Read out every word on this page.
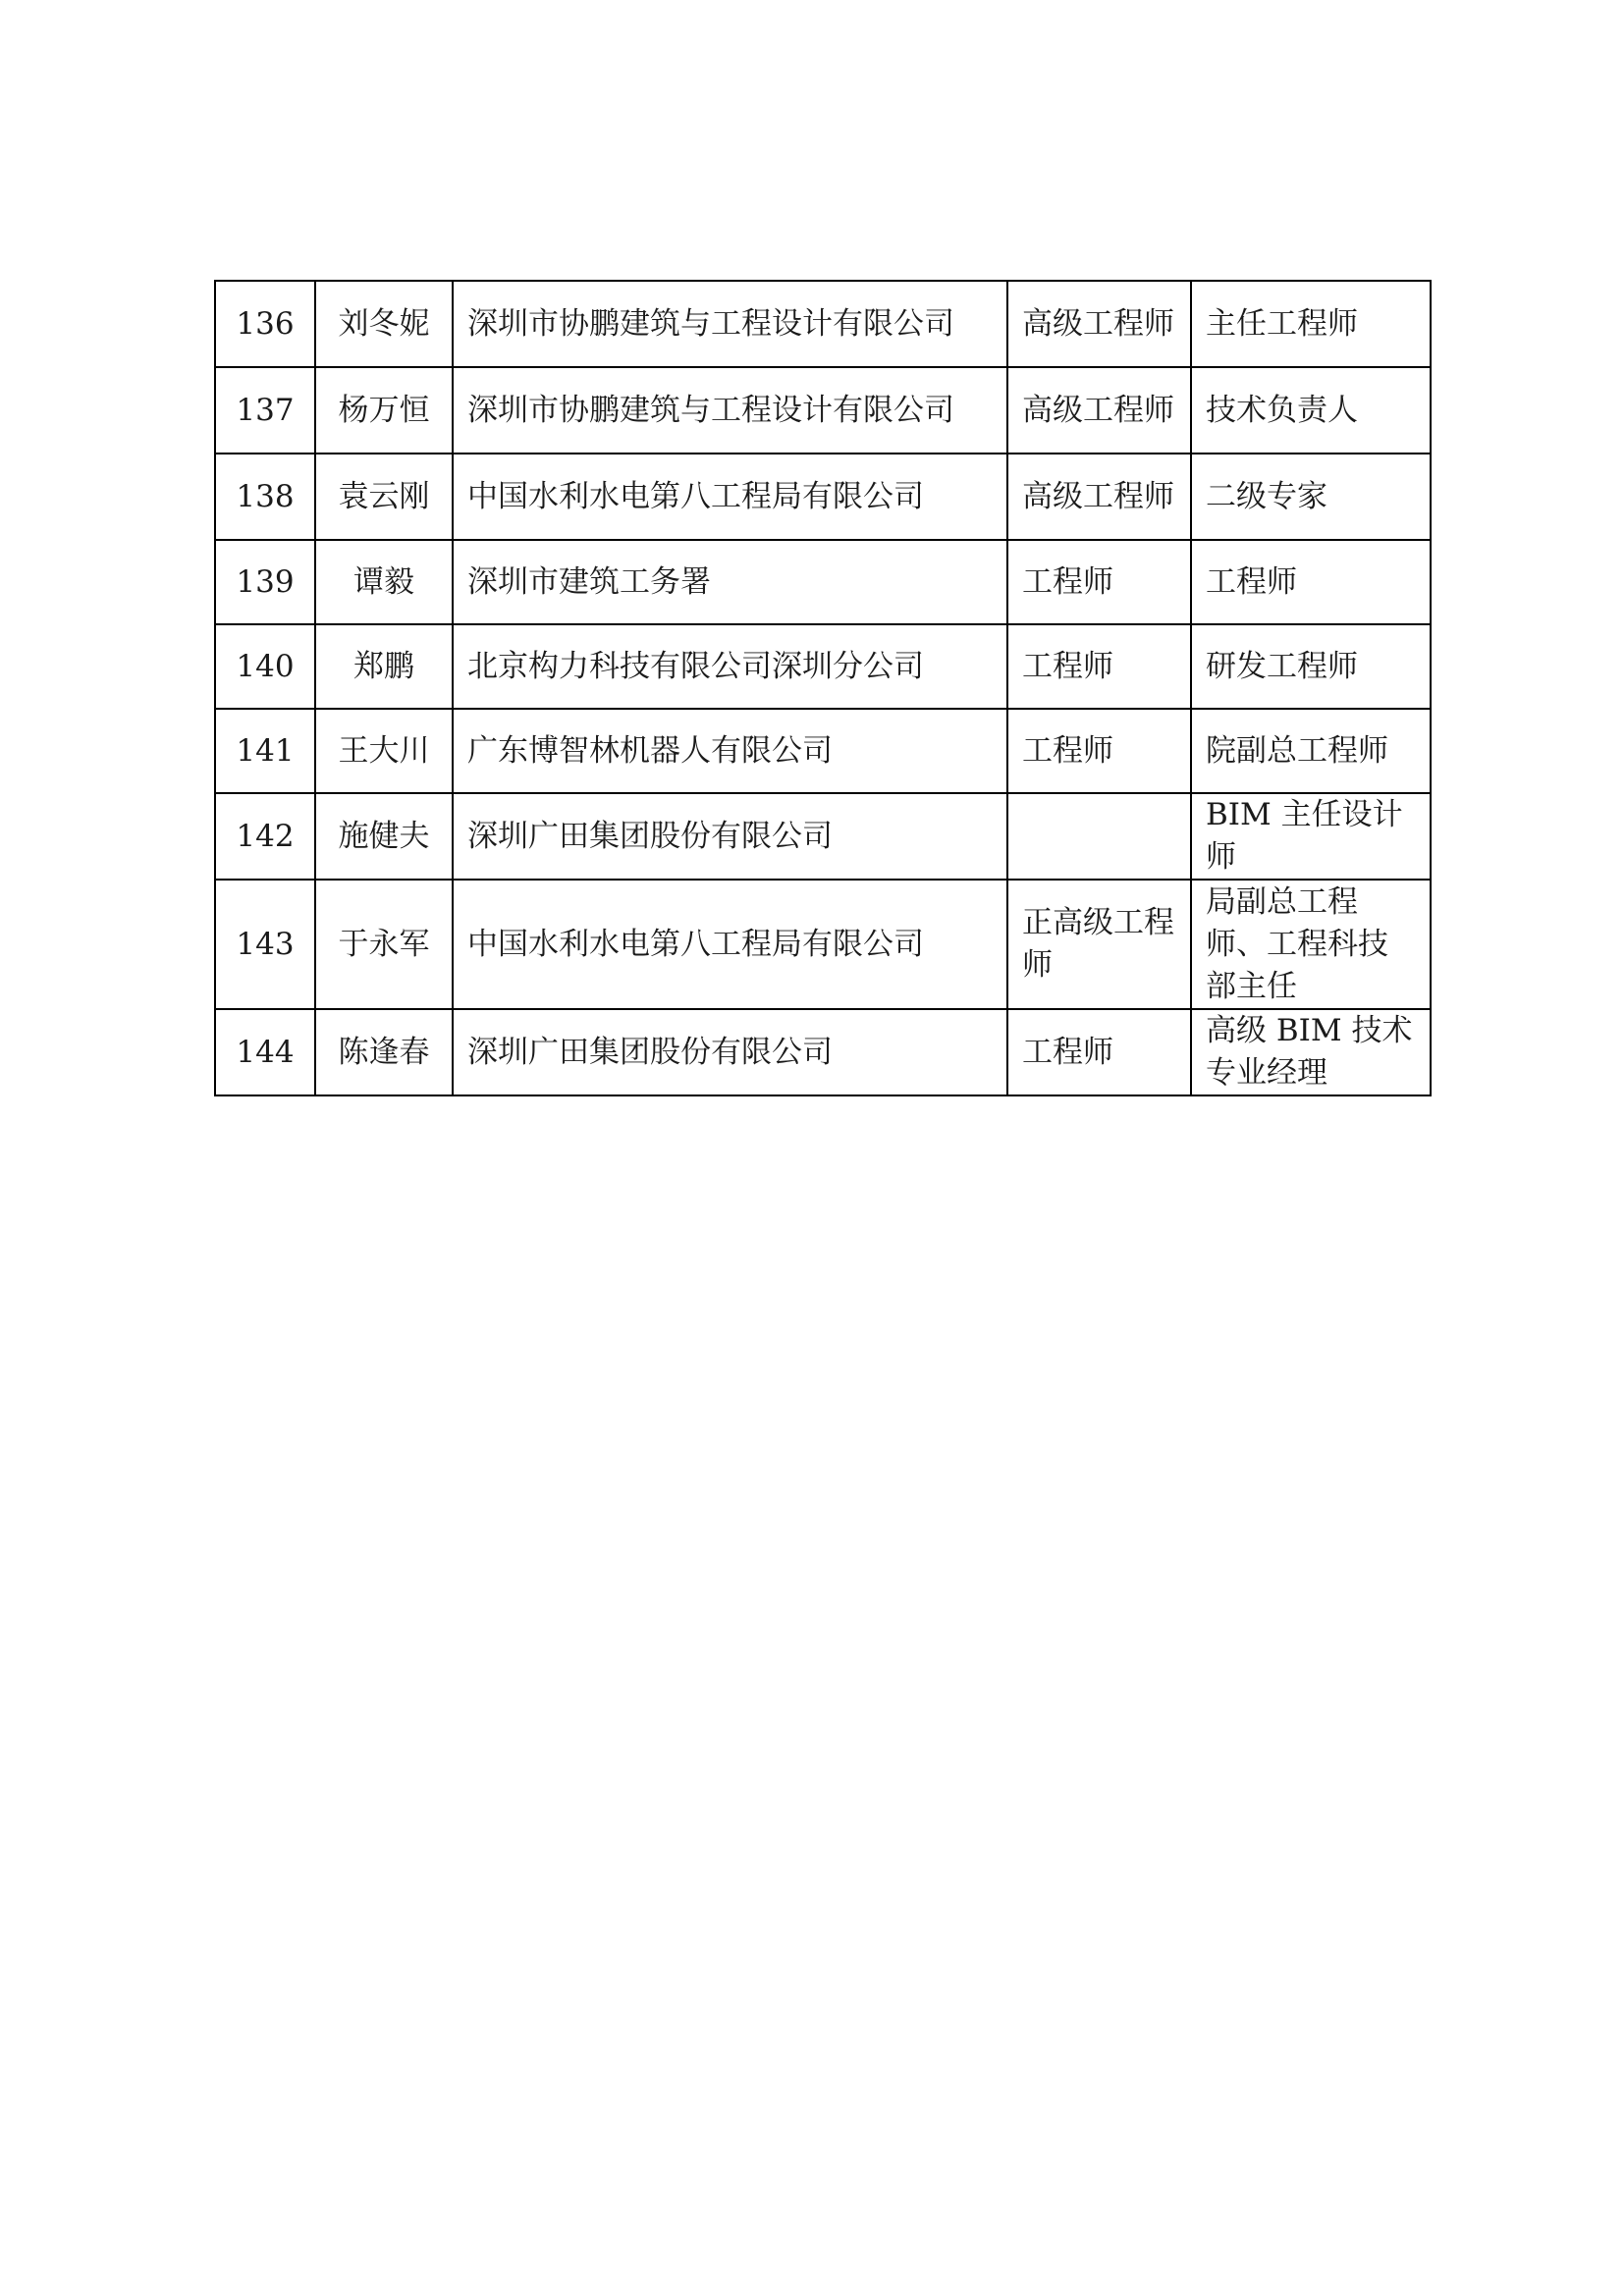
136	刘冬妮	深圳市协鹏建筑与工程设计有限公司	高级工程师	主任工程师
137	杨万恒	深圳市协鹏建筑与工程设计有限公司	高级工程师	技术负责人
138	袁云刚	中国水利水电第八工程局有限公司	高级工程师	二级专家
139	谭毅	深圳市建筑工务署	工程师	工程师
140	郑鹏	北京构力科技有限公司深圳分公司	工程师	研发工程师
141	王大川	广东博智林机器人有限公司	工程师	院副总工程师
142	施健夫	深圳广田集团股份有限公司		BIM 主任设计师
143	于永军	中国水利水电第八工程局有限公司	正高级工程师	局副总工程师、工程科技部主任
144	陈逢春	深圳广田集团股份有限公司	工程师	高级 BIM 技术专业经理
